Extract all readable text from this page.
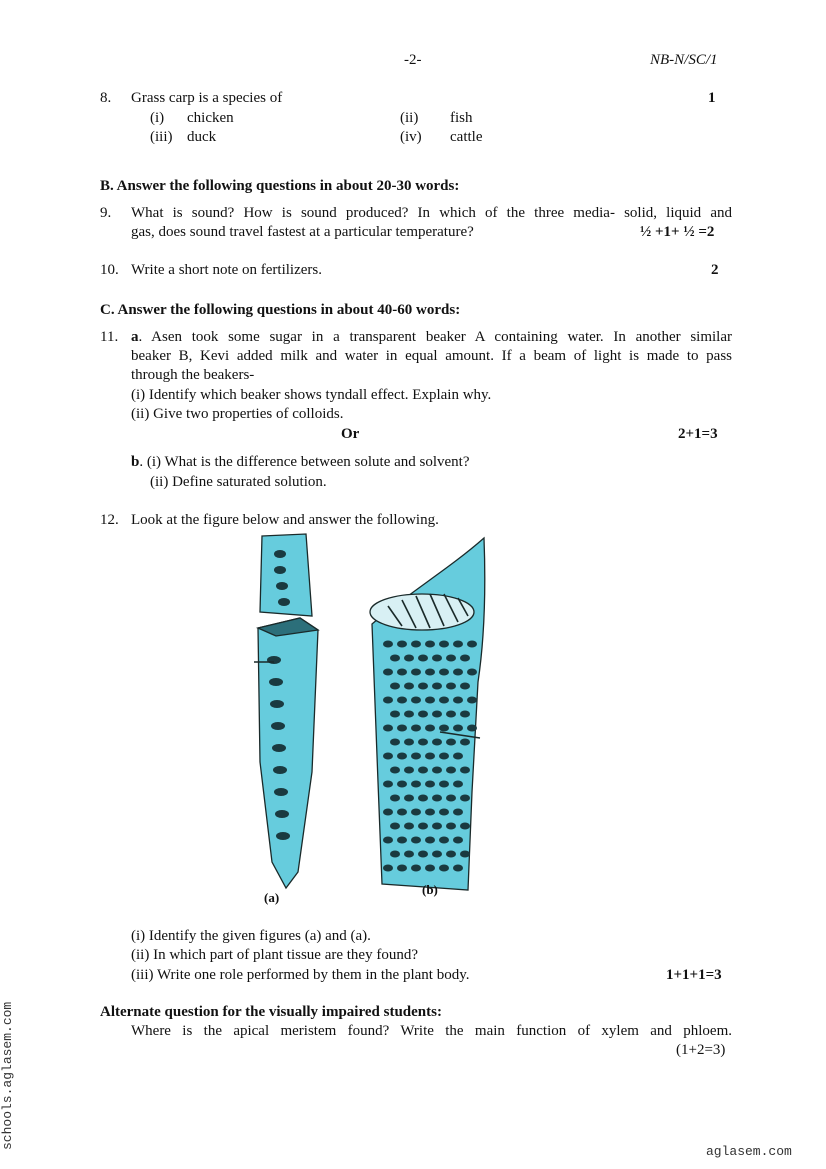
-2-	NB-N/SC/1
8. Grass carp is a species of	1
(i) chicken	(ii) fish
(iii) duck	(iv) cattle
B. Answer the following questions in about 20-30 words:
9. What is sound? How is sound produced? In which of the three media- solid, liquid and
gas, does sound travel fastest at a particular temperature?	½ +1+ ½ =2
10. Write a short note on fertilizers.	2
C. Answer the following questions in about 40-60 words:
11. a. Asen took some sugar in a transparent beaker A containing water. In another similar
beaker B, Kevi added milk and water in equal amount. If a beam of light is made to pass
through the beakers-
(i) Identify which beaker shows tyndall effect. Explain why.
(ii) Give two properties of colloids.
Or	2+1=3
b. (i) What is the difference between solute and solvent?
(ii) Define saturated solution.
12. Look at the figure below and answer the following.
(a)
(b)
(i) Identify the given figures (a) and (a).
(ii) In which part of plant tissue are they found?
(iii) Write one role performed by them in the plant body.	1+1+1=3
Alternate question for the visually impaired students:
Where is the apical meristem found? Write the main function of xylem and phloem.
(1+2=3)
schools.aglasem.com
aglasem.com
